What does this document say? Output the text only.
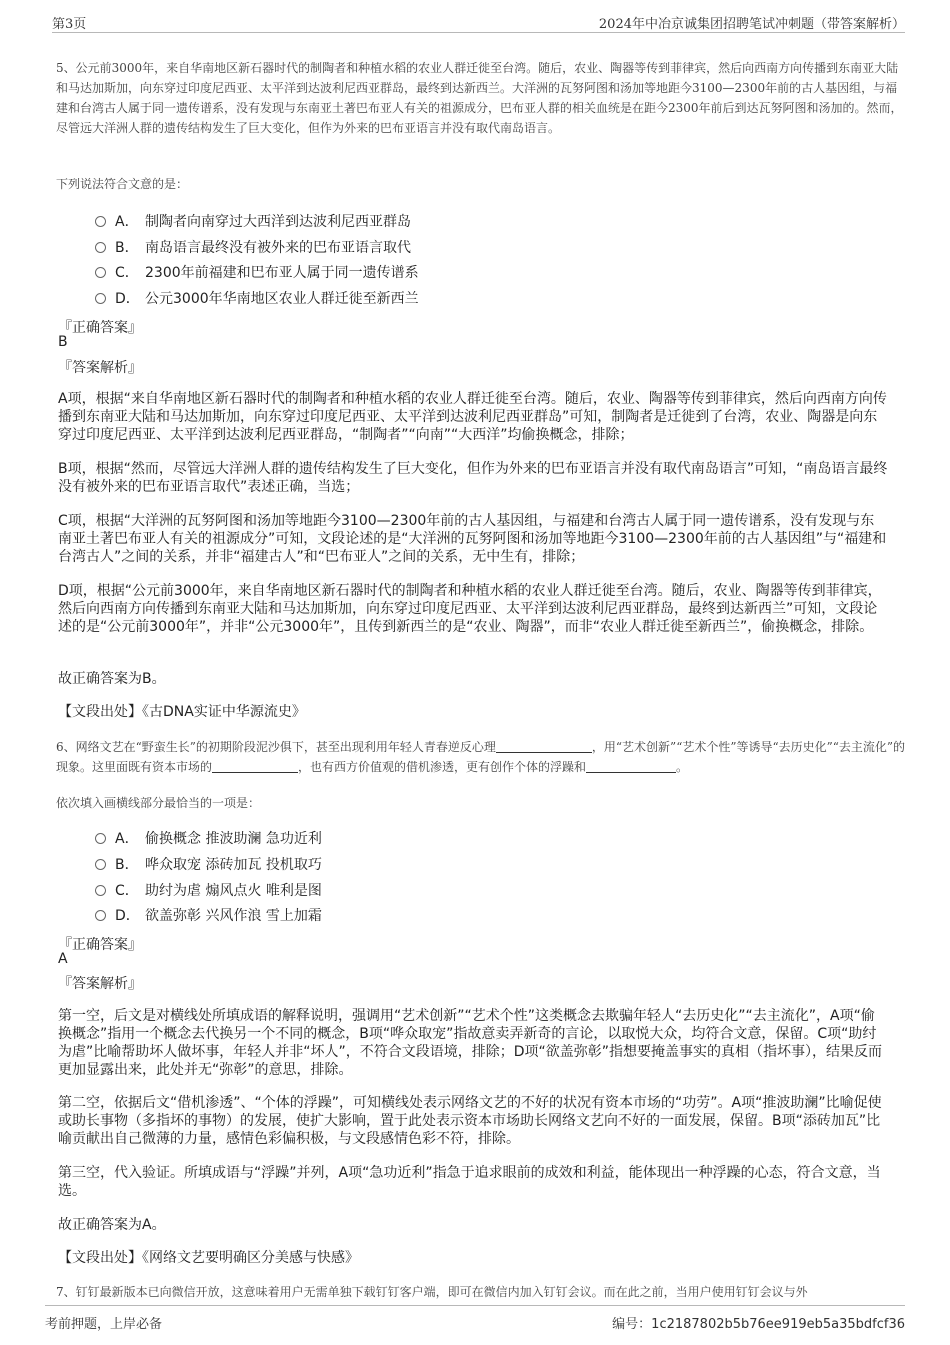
第3页	2024年中冶京诚集团招聘笔试冲刺题（带答案解析）

5、公元前3000年，来自华南地区新石器时代的制陶者和种植水稻的农业人群迁徙至台湾。随后，农业、陶器等传到菲律宾，然后向西南方向传播到东南亚大陆和马达加斯加，向东穿过印度尼西亚、太平洋到达波利尼西亚群岛，最终到达新西兰。大洋洲的瓦努阿图和汤加等地距今3100—2300年前的古人基因组，与福建和台湾古人属于同一遗传谱系，没有发现与东南亚土著巴布亚人有关的祖源成分，巴布亚人群的相关血统是在距今2300年前后到达瓦努阿图和汤加的。然而，尽管远大洋洲人群的遗传结构发生了巨大变化，但作为外来的巴布亚语言并没有取代南岛语言。

下列说法符合文意的是：

A． 制陶者向南穿过大西洋到达波利尼西亚群岛
B． 南岛语言最终没有被外来的巴布亚语言取代
C． 2300年前福建和巴布亚人属于同一遗传谱系
D． 公元3000年华南地区农业人群迁徙至新西兰
『正确答案』
B
『答案解析』

A项，根据“来自华南地区新石器时代的制陶者和种植水稻的农业人群迁徙至台湾。随后，农业、陶器等传到菲律宾，然后向西南方向传播到东南亚大陆和马达加斯加，向东穿过印度尼西亚、太平洋到达波利尼西亚群岛”可知，制陶者是迁徙到了台湾，农业、陶器是向东穿过印度尼西亚、太平洋到达波利尼西亚群岛，“制陶者”“向南”“大西洋”均偷换概念，排除；

B项，根据“然而，尽管远大洋洲人群的遗传结构发生了巨大变化，但作为外来的巴布亚语言并没有取代南岛语言”可知，“南岛语言最终没有被外来的巴布亚语言取代”表述正确，当选；

C项，根据“大洋洲的瓦努阿图和汤加等地距今3100—2300年前的古人基因组，与福建和台湾古人属于同一遗传谱系，没有发现与东南亚土著巴布亚人有关的祖源成分”可知，文段论述的是“大洋洲的瓦努阿图和汤加等地距今3100—2300年前的古人基因组”与“福建和台湾古人”之间的关系，并非“福建古人”和“巴布亚人”之间的关系，无中生有，排除；

D项，根据“公元前3000年，来自华南地区新石器时代的制陶者和种植水稻的农业人群迁徙至台湾。随后，农业、陶器等传到菲律宾，然后向西南方向传播到东南亚大陆和马达加斯加，向东穿过印度尼西亚、太平洋到达波利尼西亚群岛，最终到达新西兰”可知，文段论述的是“公元前3000年”，并非“公元3000年”，且传到新西兰的是“农业、陶器”，而非“农业人群迁徙至新西兰”，偷换概念，排除。

故正确答案为B。

【文段出处】《古DNA实证中华源流史》

6、网络文艺在“野蛮生长”的初期阶段泥沙俱下，甚至出现利用年轻人青春逆反心理	，用“艺术创新”“艺术个性”等诱导“去历史化”“去主流化”的现象。这里面既有资本市场的	，也有西方价值观的借机渗透，更有创作个体的浮躁和	。

依次填入画横线部分最恰当的一项是：

A． 偷换概念 推波助澜 急功近利
B． 哗众取宠 添砖加瓦 投机取巧
C． 助纣为虐 煽风点火 唯利是图
D． 欲盖弥彰 兴风作浪 雪上加霜
『正确答案』
A
『答案解析』

第一空，后文是对横线处所填成语的解释说明，强调用“艺术创新”“艺术个性”这类概念去欺骗年轻人“去历史化”“去主流化”，A项“偷换概念”指用一个概念去代换另一个不同的概念，B项“哗众取宠”指故意卖弄新奇的言论，以取悦大众，均符合文意，保留。C项“助纣为虐”比喻帮助坏人做坏事，年轻人并非“坏人”，不符合文段语境，排除；D项“欲盖弥彰”指想要掩盖事实的真相（指坏事），结果反而更加显露出来，此处并无“弥彰”的意思，排除。

第二空，依据后文“借机渗透”、“个体的浮躁”，可知横线处表示网络文艺的不好的状况有资本市场的“功劳”。A项“推波助澜”比喻促使或助长事物（多指坏的事物）的发展，使扩大影响，置于此处表示资本市场助长网络文艺向不好的一面发展，保留。B项“添砖加瓦”比喻贡献出自己微薄的力量，感情色彩偏积极，与文段感情色彩不符，排除。

第三空，代入验证。所填成语与“浮躁”并列，A项“急功近利”指急于追求眼前的成效和利益，能体现出一种浮躁的心态，符合文意，当选。

故正确答案为A。

【文段出处】《网络文艺要明确区分美感与快感》

7、钉钉最新版本已向微信开放，这意味着用户无需单独下载钉钉客户端，即可在微信内加入钉钉会议。而在此之前，当用户使用钉钉会议与外

考前押题，上岸必备	编号：1c2187802b5b76ee919eb5a35bdfcf36
